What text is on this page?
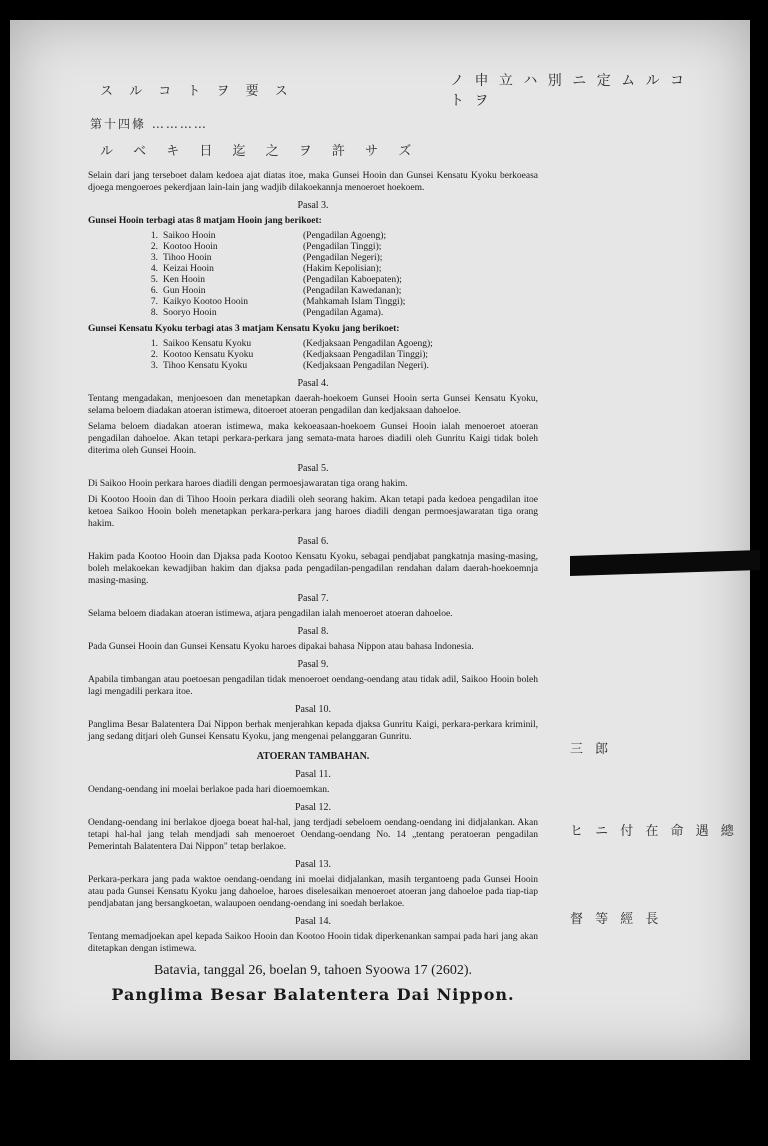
ス ル コ ト ヲ 要 ス
第十四條 …………
ル ベ キ 日 迄 之 ヲ 許 サ ズ
ノ 申 立 ハ 別 ニ 定 ム ル コ ト ヲ

Selain dari jang terseboet dalam kedoea ajat diatas itoe, maka Gunsei Hooin dan Gunsei Kensatu Kyoku berkoeasa djoega mengoeroes pekerdjaan lain-lain jang wadjib dilakoekannja menoeroet hoekoem.

Pasal 3.

Gunsei Hooin terbagi atas 8 matjam Hooin jang berikoet:

1. Saikoo Hooin	(Pengadilan Agoeng);
2. Kootoo Hooin	(Pengadilan Tinggi);
3. Tihoo Hooin	(Pengadilan Negeri);
4. Keizai Hooin	(Hakim Kepolisian);
5. Ken Hooin	(Pengadilan Kaboepaten);
6. Gun Hooin	(Pengadilan Kawedanan);
7. Kaikyo Kootoo Hooin	(Mahkamah Islam Tinggi);
8. Sooryo Hooin	(Pengadilan Agama).

Gunsei Kensatu Kyoku terbagi atas 3 matjam Kensatu Kyoku jang berikoet:

1. Saikoo Kensatu Kyoku	(Kedjaksaan Pengadilan Agoeng);
2. Kootoo Kensatu Kyoku	(Kedjaksaan Pengadilan Tinggi);
3. Tihoo Kensatu Kyoku	(Kedjaksaan Pengadilan Negeri).
Pasal 4.

Tentang mengadakan, menjoesoen dan menetapkan daerah-hoekoem Gunsei Hooin serta Gunsei Kensatu Kyoku, selama beloem diadakan atoeran istimewa, ditoeroet atoeran pengadilan dan kedjaksaan dahoeloe.

Selama beloem diadakan atoeran istimewa, maka kekoeasaan-hoekoem Gunsei Hooin ialah menoeroet atoeran pengadilan dahoeloe. Akan tetapi perkara-perkara jang semata-mata haroes diadili oleh Gunritu Kaigi tidak boleh diterima oleh Gunsei Hooin.

Pasal 5.

Di Saikoo Hooin perkara haroes diadili dengan permoesjawaratan tiga orang hakim.

Di Kootoo Hooin dan di Tihoo Hooin perkara diadili oleh seorang hakim. Akan tetapi pada kedoea pengadilan itoe ketoea Saikoo Hooin boleh menetapkan perkara-perkara jang haroes diadili dengan permoesjawaratan tiga orang hakim.

Pasal 6.

Hakim pada Kootoo Hooin dan Djaksa pada Kootoo Kensatu Kyoku, sebagai pendjabat pangkatnja masing-masing, boleh melakoekan kewadjiban hakim dan djaksa pada pengadilan-pengadilan rendahan dalam daerah-hoekoemnja masing-masing.

Pasal 7.

Selama beloem diadakan atoeran istimewa, atjara pengadilan ialah menoeroet atoeran dahoeloe.

Pasal 8.

Pada Gunsei Hooin dan Gunsei Kensatu Kyoku haroes dipakai bahasa Nippon atau bahasa Indonesia.

Pasal 9.

Apabila timbangan atau poetoesan pengadilan tidak menoeroet oendang-oendang atau tidak adil, Saikoo Hooin boleh lagi mengadili perkara itoe.

Pasal 10.

Panglima Besar Balatentera Dai Nippon berhak menjerahkan kepada djaksa Gunritu Kaigi, perkara-perkara kriminil, jang sedang ditjari oleh Gunsei Kensatu Kyoku, jang mengenai pelanggaran Gunritu.

ATOERAN TAMBAHAN.
Pasal 11.

Oendang-oendang ini moelai berlakoe pada hari dioemoemkan.

Pasal 12.

Oendang-oendang ini berlakoe djoega boeat hal-hal, jang terdjadi sebeloem oendang-oendang ini didjalankan. Akan tetapi hal-hal jang telah mendjadi sah menoeroet Oendang-oendang No. 14 „tentang peratoeran pengadilan Pemerintah Balatentera Dai Nippon" tetap berlakoe.

Pasal 13.

Perkara-perkara jang pada waktoe oendang-oendang ini moelai didjalankan, masih tergantoeng pada Gunsei Hooin atau pada Gunsei Kensatu Kyoku jang dahoeloe, haroes diselesaikan menoeroet atoeran jang dahoeloe pada tiap-tiap pendjabatan jang bersangkoetan, walaupoen oendang-oendang ini soedah berlakoe.

Pasal 14.

Tentang memadjoekan apel kepada Saikoo Hooin dan Kootoo Hooin tidak diperkenankan sampai pada hari jang akan ditetapkan dengan istimewa.

Batavia, tanggal 26, boelan 9, tahoen Syoowa 17 (2602).
Panglima Besar Balatentera Dai Nippon.
三 郎
ヒ ニ 付 在 命 遇 總
督 等 經 長
